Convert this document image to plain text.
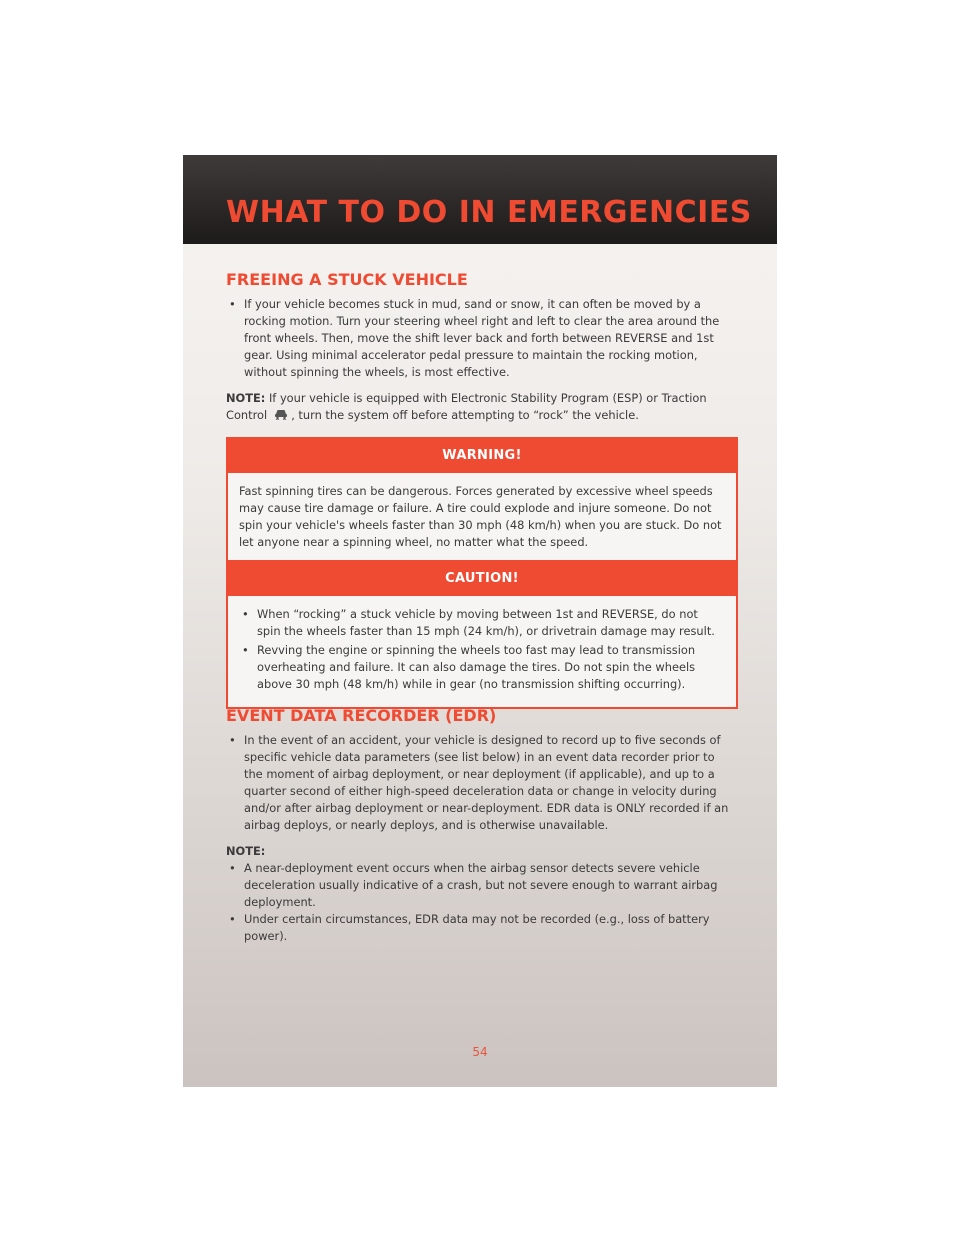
WHAT TO DO IN EMERGENCIES
FREEING A STUCK VEHICLE

• If your vehicle becomes stuck in mud, sand or snow, it can often be moved by a rocking motion. Turn your steering wheel right and left to clear the area around the front wheels. Then, move the shift lever back and forth between REVERSE and 1st gear. Using minimal accelerator pedal pressure to maintain the rocking motion, without spinning the wheels, is most effective.

NOTE: If your vehicle is equipped with Electronic Stability Program (ESP) or Traction Control , turn the system off before attempting to “rock” the vehicle.

WARNING!

Fast spinning tires can be dangerous. Forces generated by excessive wheel speeds may cause tire damage or failure. A tire could explode and injure someone. Do not spin your vehicle's wheels faster than 30 mph (48 km/h) when you are stuck. Do not let anyone near a spinning wheel, no matter what the speed.

CAUTION!

• When “rocking” a stuck vehicle by moving between 1st and REVERSE, do not spin the wheels faster than 15 mph (24 km/h), or drivetrain damage may result.

• Revving the engine or spinning the wheels too fast may lead to transmission overheating and failure. It can also damage the tires. Do not spin the wheels above 30 mph (48 km/h) while in gear (no transmission shifting occurring).

EVENT DATA RECORDER (EDR)

• In the event of an accident, your vehicle is designed to record up to five seconds of specific vehicle data parameters (see list below) in an event data recorder prior to the moment of airbag deployment, or near deployment (if applicable), and up to a quarter second of either high-speed deceleration data or change in velocity during and/or after airbag deployment or near-deployment. EDR data is ONLY recorded if an airbag deploys, or nearly deploys, and is otherwise unavailable.

NOTE:

• A near-deployment event occurs when the airbag sensor detects severe vehicle deceleration usually indicative of a crash, but not severe enough to warrant airbag deployment.

• Under certain circumstances, EDR data may not be recorded (e.g., loss of battery power).

54
